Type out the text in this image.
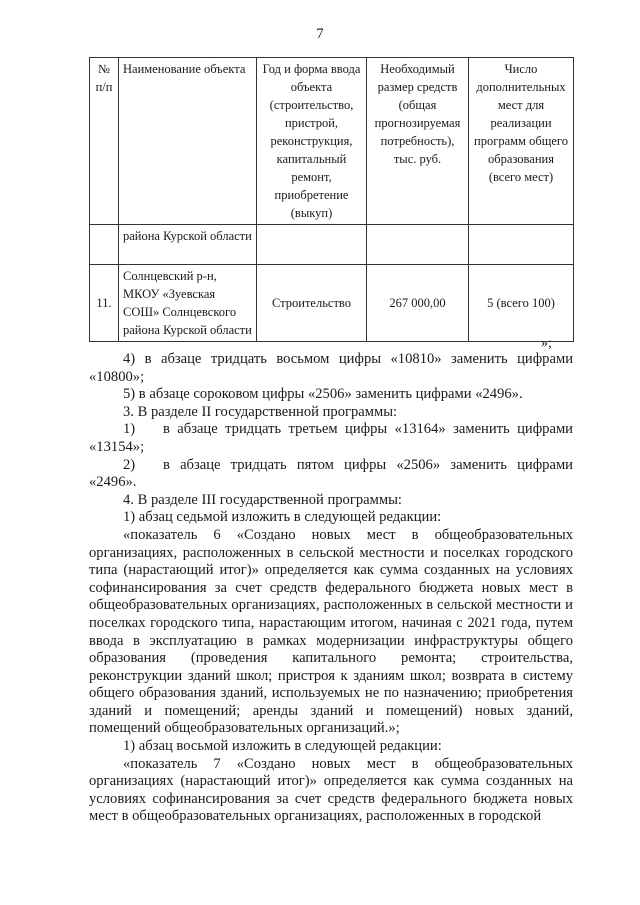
7
№ п/п	Наименование объекта	Год и форма ввода объекта (строительство, пристрой, реконструкция, капитальный ремонт, приобретение (выкуп)	Необходимый размер средств (общая прогнозируемая потребность), тыс. руб.	Число дополнительных мест для реализации программ общего образования (всего мест)
	района Курской области			
11.	Солнцевский р-н, МКОУ «Зуевская СОШ» Солнцевского района Курской области	Строительство	267 000,00	5 (всего 100)
»;

4) в абзаце тридцать восьмом цифры «10810» заменить цифрами «10800»;

5) в абзаце сороковом цифры «2506» заменить цифрами «2496».

3. В разделе II государственной программы:

1) в абзаце тридцать третьем цифры «13164» заменить цифрами «13154»;

2) в абзаце тридцать пятом цифры «2506» заменить цифрами «2496».

4. В разделе III государственной программы:

1) абзац седьмой изложить в следующей редакции:

«показатель 6 «Создано новых мест в общеобразовательных организациях, расположенных в сельской местности и поселках городского типа (нарастающий итог)» определяется как сумма созданных на условиях софинансирования за счет средств федерального бюджета новых мест в общеобразовательных организациях, расположенных в сельской местности и поселках городского типа, нарастающим итогом, начиная с 2021 года, путем ввода в эксплуатацию в рамках модернизации инфраструктуры общего образования (проведения капитального ремонта; строительства, реконструкции зданий школ; пристроя к зданиям школ; возврата в систему общего образования зданий, используемых не по назначению; приобретения зданий и помещений; аренды зданий и помещений) новых зданий, помещений общеобразовательных организаций.»;

1) абзац восьмой изложить в следующей редакции:

«показатель 7 «Создано новых мест в общеобразовательных организациях (нарастающий итог)» определяется как сумма созданных на условиях софинансирования за счет средств федерального бюджета новых мест в общеобразовательных организациях, расположенных в городской
